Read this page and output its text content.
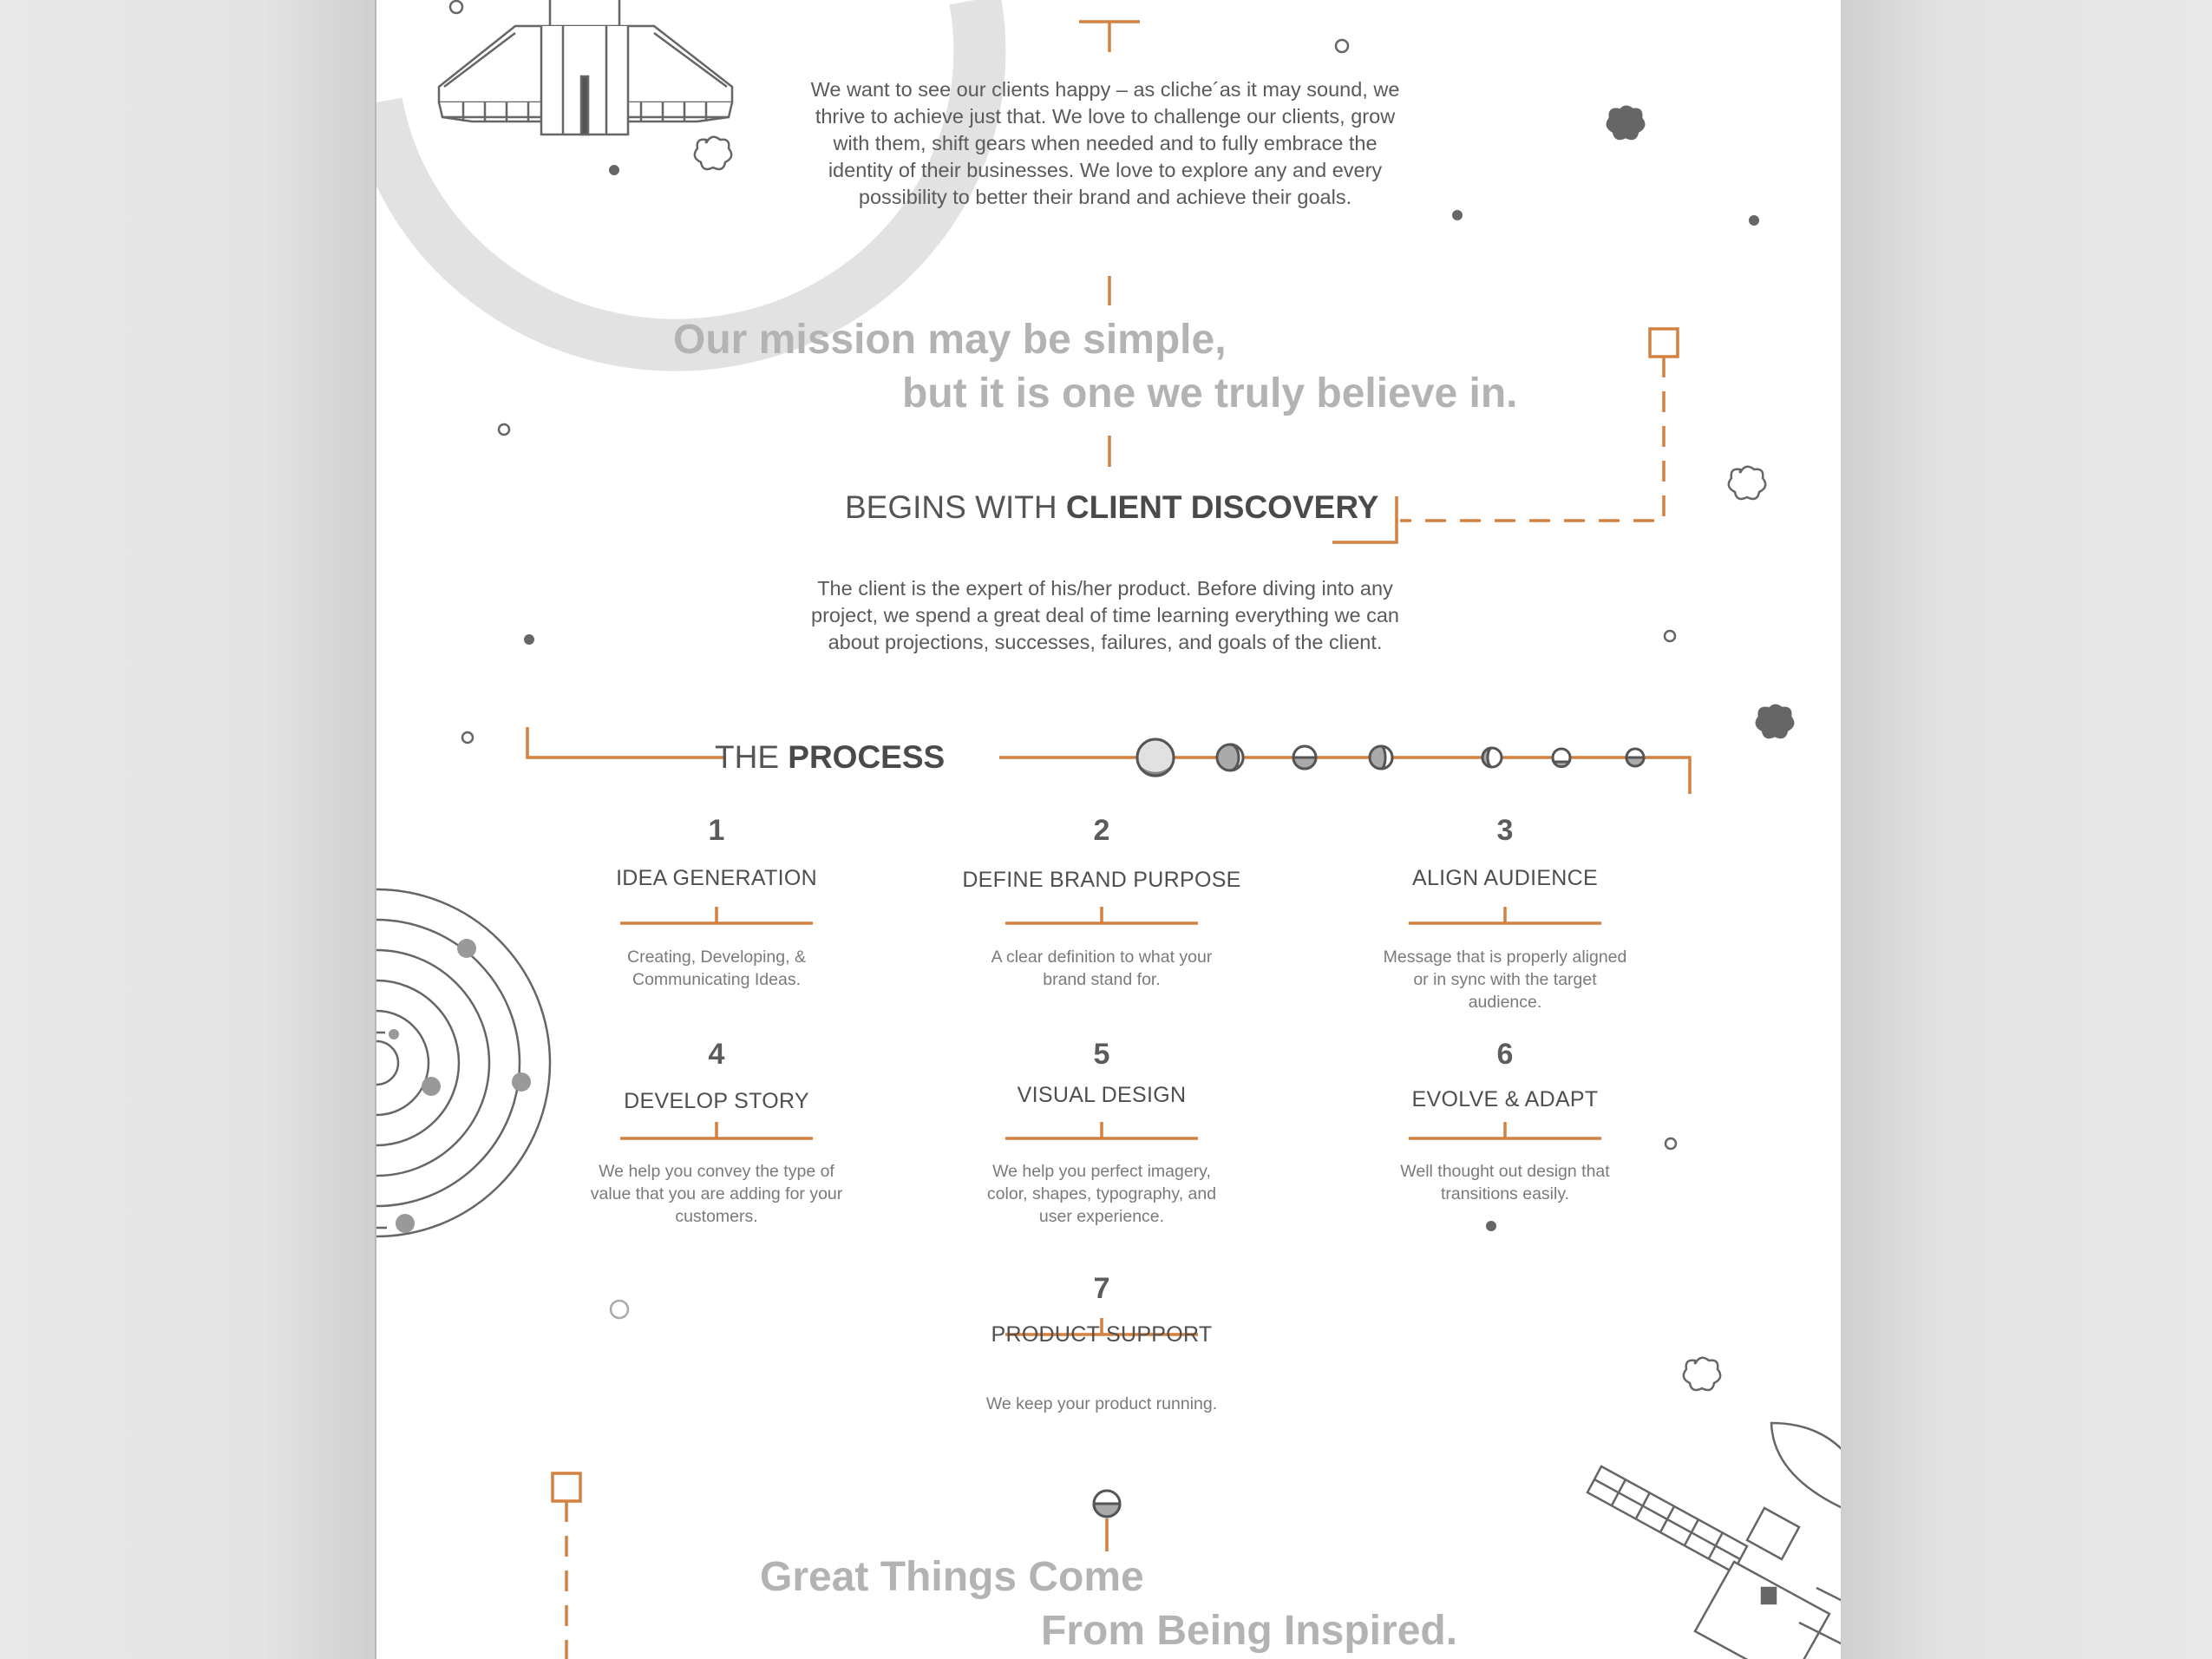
We want to see our clients happy – as cliche´as it may sound, we thrive to achieve just that. We love to challenge our clients, grow with them, shift gears when needed and to fully embrace the identity of their businesses. We love to explore any and every possibility to better their brand and achieve their goals.
Our mission may be simple,
but it is one we truly believe in.
BEGINS WITH CLIENT DISCOVERY
The client is the expert of his/her product. Before diving into any project, we spend a great deal of time learning everything we can about projections, successes, failures, and goals of the client.
THE PROCESS
1
IDEA GENERATION
Creating, Developing, & Communicating Ideas.
2
DEFINE BRAND PURPOSE
A clear definition to what your brand stand for.
3
ALIGN AUDIENCE
Message that is properly aligned or in sync with the target audience.
4
DEVELOP STORY
We help you convey the type of value that you are adding for your customers.
5
VISUAL DESIGN
We help you perfect imagery, color, shapes, typography, and user experience.
6
EVOLVE & ADAPT
Well thought out design that transitions easily.
7
PRODUCT SUPPORT
We keep your product running.
Great Things Come
From Being Inspired.
